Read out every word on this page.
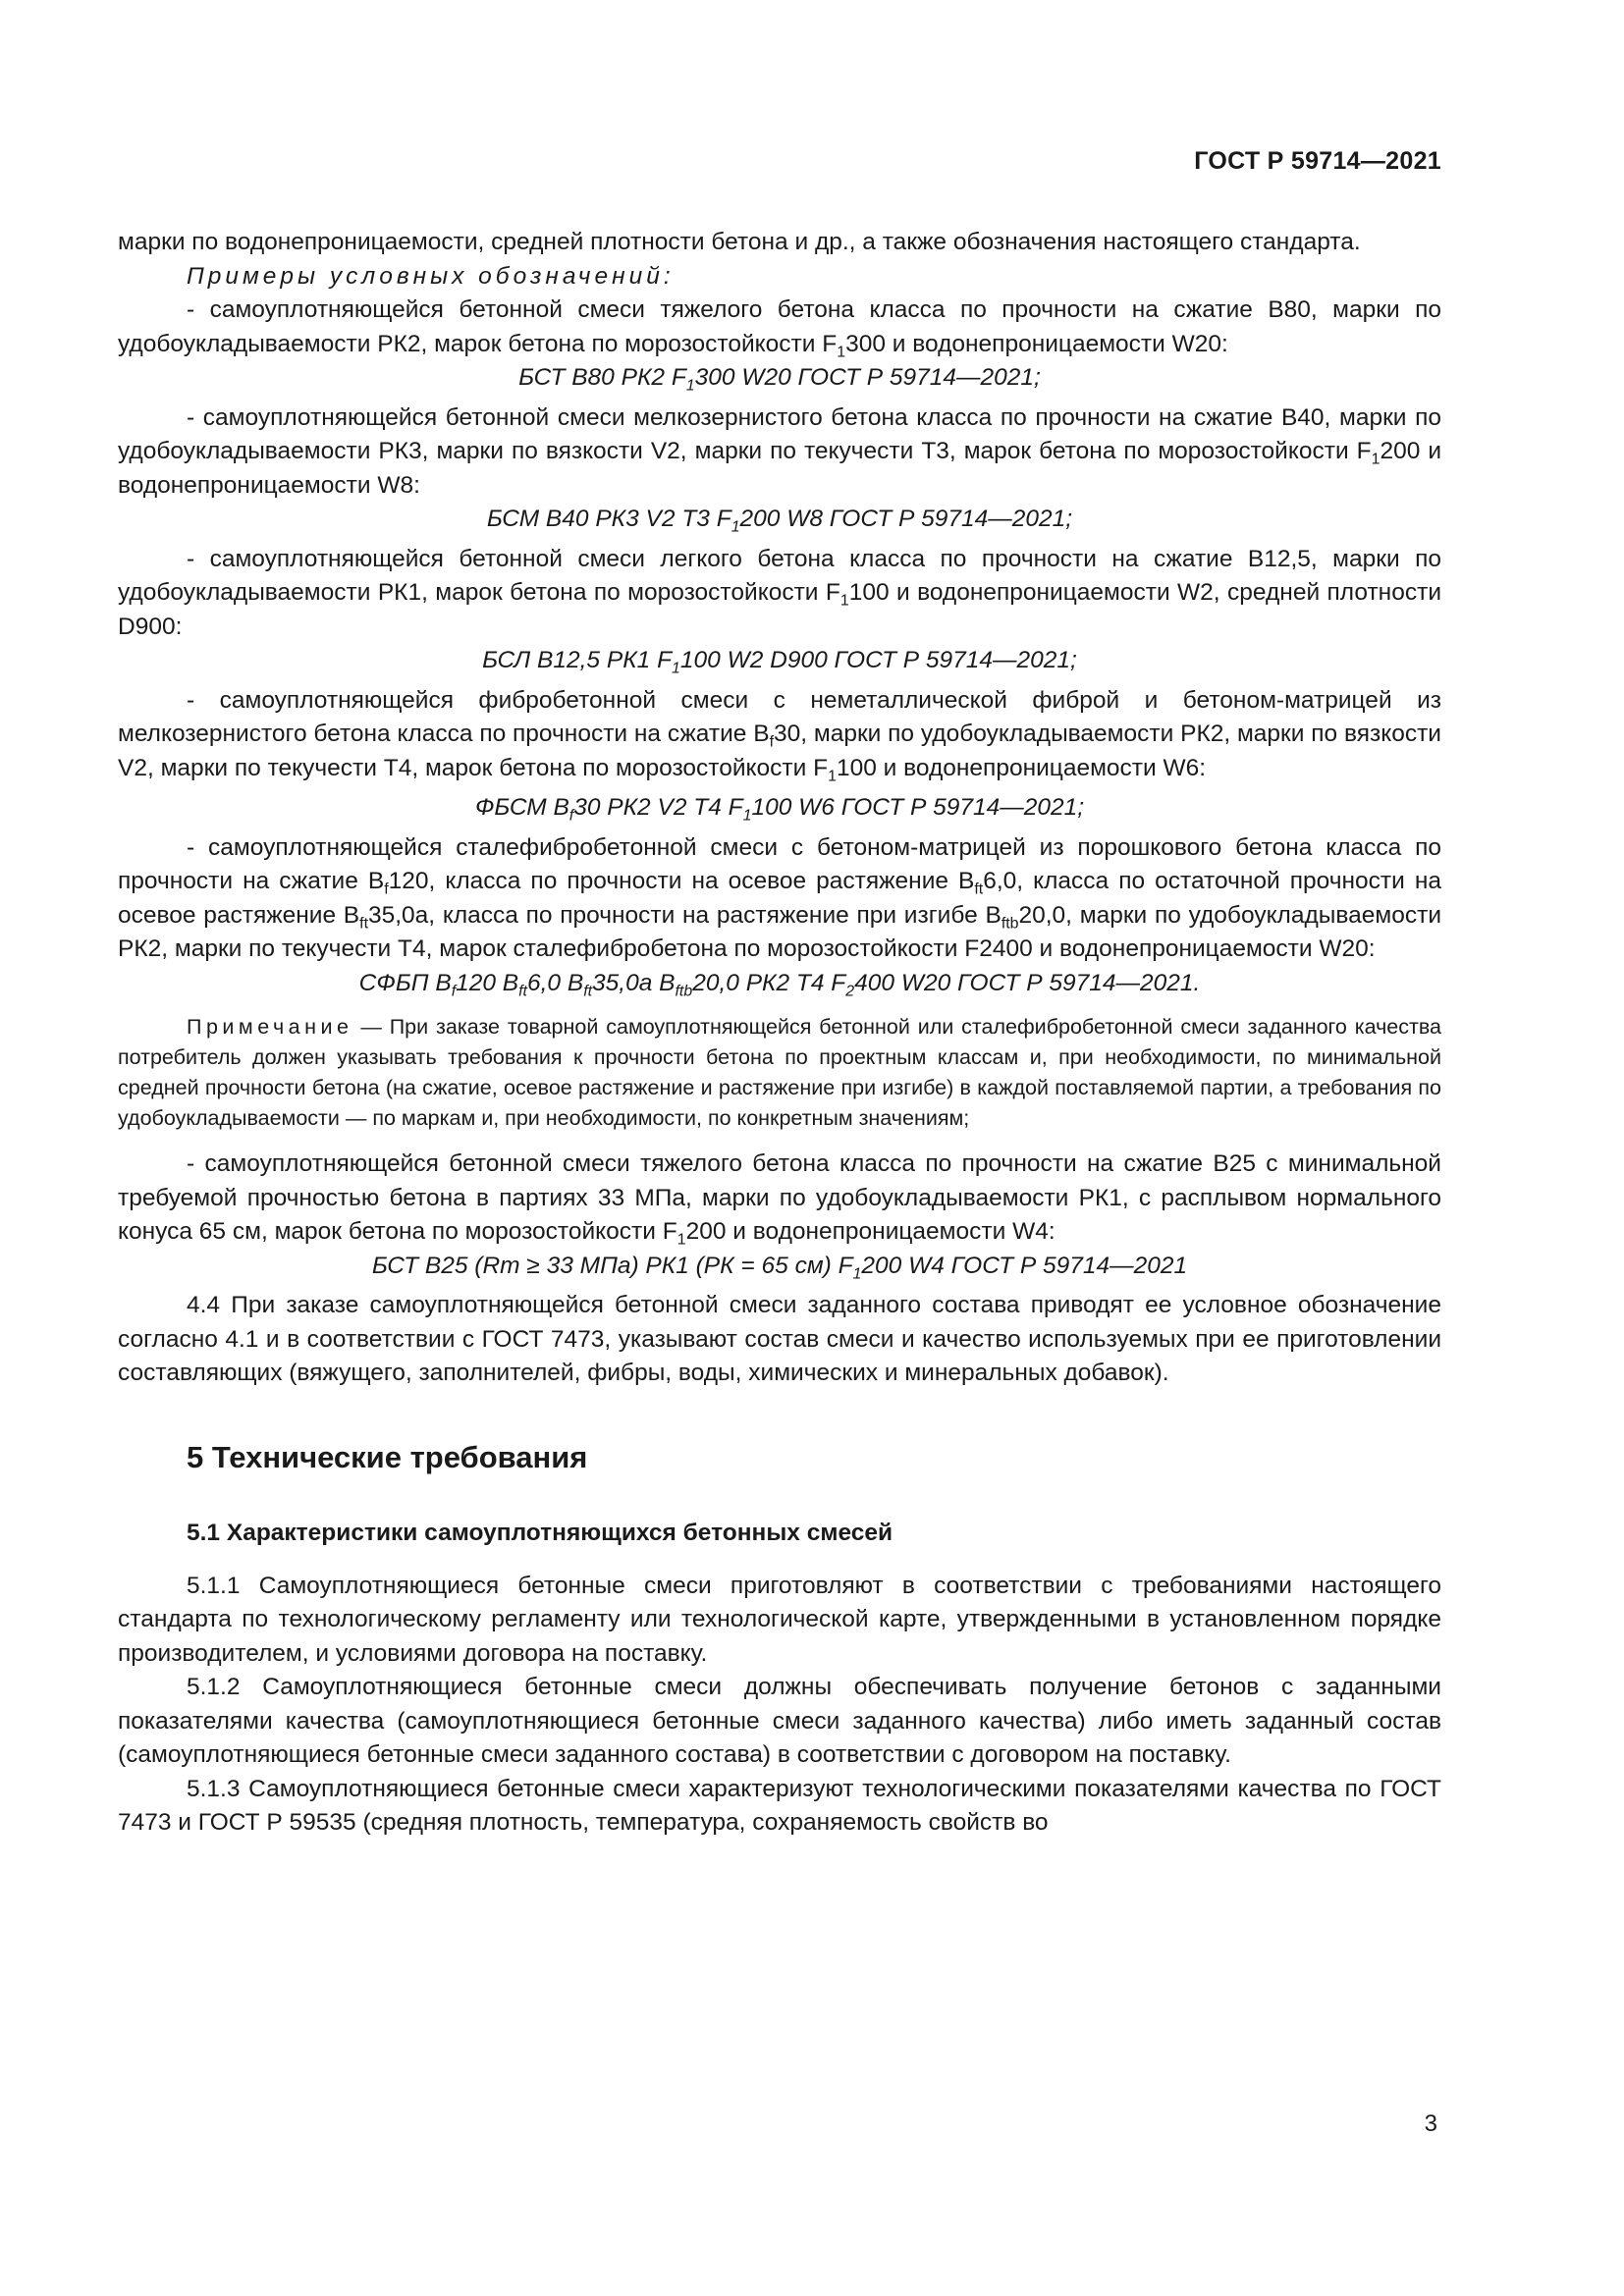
ГОСТ Р 59714—2021

марки по водонепроницаемости, средней плотности бетона и др., а также обозначения настоящего стандарта.

Примеры условных обозначений:

- самоуплотняющейся бетонной смеси тяжелого бетона класса по прочности на сжатие В80, марки по удобоукладываемости РК2, марок бетона по морозостойкости $F_1300$ и водонепроницаемости W20:

БСТ В80 РК2 $F_1300$ W20 ГОСТ Р 59714—2021;

- самоуплотняющейся бетонной смеси мелкозернистого бетона класса по прочности на сжатие В40, марки по удобоукладываемости РК3, марки по вязкости V2, марки по текучести Т3, марок бетона по морозостойкости $F_1200$ и водонепроницаемости W8:

БСМ В40 РК3 V2 Т3 $F_1200$ W8 ГОСТ Р 59714—2021;

- самоуплотняющейся бетонной смеси легкого бетона класса по прочности на сжатие В12,5, марки по удобоукладываемости РК1, марок бетона по морозостойкости $F_1100$ и водонепроницаемости W2, средней плотности D900:

БСЛ В12,5 РК1 $F_1100$ W2 D900 ГОСТ Р 59714—2021;

- самоуплотняющейся фибробетонной смеси с неметаллической фиброй и бетоном-матрицей из мелкозернистого бетона класса по прочности на сжатие $В_f30$, марки по удобоукладываемости РК2, марки по вязкости V2, марки по текучести Т4, марок бетона по морозостойкости $F_1100$ и водонепроницаемости W6:

ФБСМ $В_f30$ РК2 V2 Т4 $F_1100$ W6 ГОСТ Р 59714—2021;

- самоуплотняющейся сталефибробетонной смеси с бетоном-матрицей из порошкового бетона класса по прочности на сжатие $В_f120$, класса по прочности на осевое растяжение $В_{ft}6,0$, класса по остаточной прочности на осевое растяжение $В_{ft}35,0а$, класса по прочности на растяжение при изгибе $В_{ftb}20,0$, марки по удобоукладываемости РК2, марки по текучести Т4, марок сталефибробетона по морозостойкости F2400 и водонепроницаемости W20:

СФБП $В_f120$ $В_{ft}6,0$ $В_{ft}35,0а$ $В_{ftb}20,0$ РК2 Т4 $F_2400$ W20 ГОСТ Р 59714—2021.

Примечание — При заказе товарной самоуплотняющейся бетонной или сталефибробетонной смеси заданного качества потребитель должен указывать требования к прочности бетона по проектным классам и, при необходимости, по минимальной средней прочности бетона (на сжатие, осевое растяжение и растяжение при изгибе) в каждой поставляемой партии, а требования по удобоукладываемости — по маркам и, при необходимости, по конкретным значениям;

- самоуплотняющейся бетонной смеси тяжелого бетона класса по прочности на сжатие В25 с минимальной требуемой прочностью бетона в партиях 33 МПа, марки по удобоукладываемости РК1, с расплывом нормального конуса 65 см, марок бетона по морозостойкости $F_1200$ и водонепроницаемости W4:

БСТ В25 (Rт ≥ 33 МПа) РК1 (РК = 65 см) $F_1200$ W4 ГОСТ Р 59714—2021

4.4 При заказе самоуплотняющейся бетонной смеси заданного состава приводят ее условное обозначение согласно 4.1 и в соответствии с ГОСТ 7473, указывают состав смеси и качество используемых при ее приготовлении составляющих (вяжущего, заполнителей, фибры, воды, химических и минеральных добавок).

5 Технические требования
5.1 Характеристики самоуплотняющихся бетонных смесей

5.1.1 Самоуплотняющиеся бетонные смеси приготовляют в соответствии с требованиями настоящего стандарта по технологическому регламенту или технологической карте, утвержденными в установленном порядке производителем, и условиями договора на поставку.

5.1.2 Самоуплотняющиеся бетонные смеси должны обеспечивать получение бетонов с заданными показателями качества (самоуплотняющиеся бетонные смеси заданного качества) либо иметь заданный состав (самоуплотняющиеся бетонные смеси заданного состава) в соответствии с договором на поставку.

5.1.3 Самоуплотняющиеся бетонные смеси характеризуют технологическими показателями качества по ГОСТ 7473 и ГОСТ Р 59535 (средняя плотность, температура, сохраняемость свойств во

3
